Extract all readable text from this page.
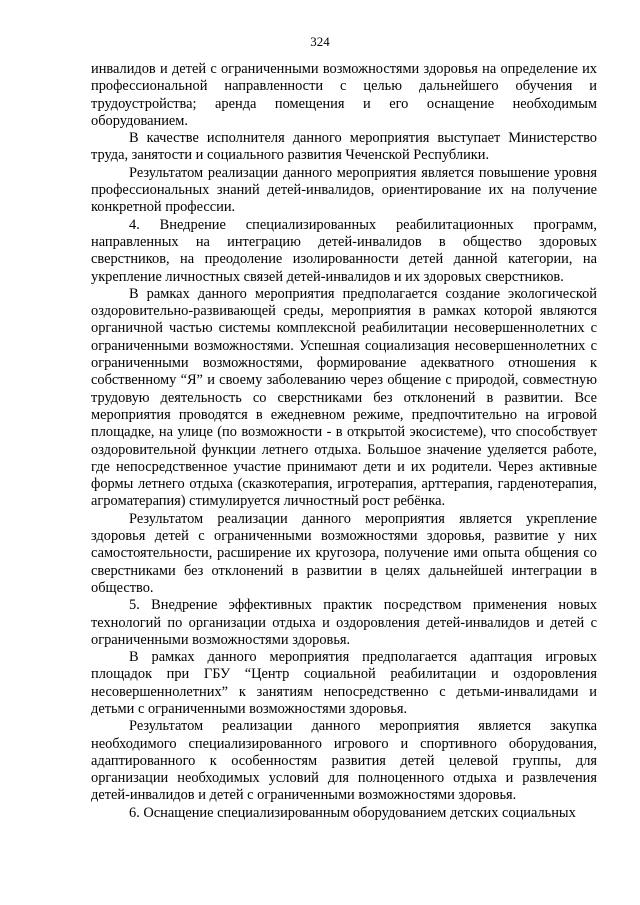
324

инвалидов и детей с ограниченными возможностями здоровья на определение их профессиональной направленности с целью дальнейшего обучения и трудоустройства; аренда помещения и его оснащение необходимым оборудованием.

В качестве исполнителя данного мероприятия выступает Министерство труда, занятости и социального развития Чеченской Республики.

Результатом реализации данного мероприятия является повышение уровня профессиональных знаний детей-инвалидов, ориентирование их на получение конкретной профессии.

4. Внедрение специализированных реабилитационных программ, направленных на интеграцию детей-инвалидов в общество здоровых сверстников, на преодоление изолированности детей данной категории, на укрепление личностных связей детей-инвалидов и их здоровых сверстников.

В рамках данного мероприятия предполагается создание экологической оздоровительно-развивающей среды, мероприятия в рамках которой являются органичной частью системы комплексной реабилитации несовершеннолетних с ограниченными возможностями. Успешная социализация несовершеннолетних с ограниченными возможностями, формирование адекватного отношения к собственному “Я” и своему заболеванию через общение с природой, совместную трудовую деятельность со сверстниками без отклонений в развитии. Все мероприятия проводятся в ежедневном режиме, предпочтительно на игровой площадке, на улице (по возможности - в открытой экосистеме), что способствует оздоровительной функции летнего отдыха. Большое значение уделяется работе, где непосредственное участие принимают дети и их родители. Через активные формы летнего отдыха (сказкотерапия, игротерапия, арттерапия, гарденотерапия, агрoматерапия) стимулируется личностный рост ребёнка.

Результатом реализации данного мероприятия является укрепление здоровья детей с ограниченными возможностями здоровья, развитие у них самостоятельности, расширение их кругозора, получение ими опыта общения со сверстниками без отклонений в развитии в целях дальнейшей интеграции в общество.

5. Внедрение эффективных практик посредством применения новых технологий по организации отдыха и оздоровления детей-инвалидов и детей с ограниченными возможностями здоровья.

В рамках данного мероприятия предполагается адаптация игровых площадок при ГБУ “Центр социальной реабилитации и оздоровления несовершеннолетних” к занятиям непосредственно с детьми-инвалидами и детьми с ограниченными возможностями здоровья.

Результатом реализации данного мероприятия является закупка необходимого специализированного игрового и спортивного оборудования, адаптированного к особенностям развития детей целевой группы, для организации необходимых условий для полноценного отдыха и развлечения детей-инвалидов и детей с ограниченными возможностями здоровья.

6. Оснащение специализированным оборудованием детских социальных
